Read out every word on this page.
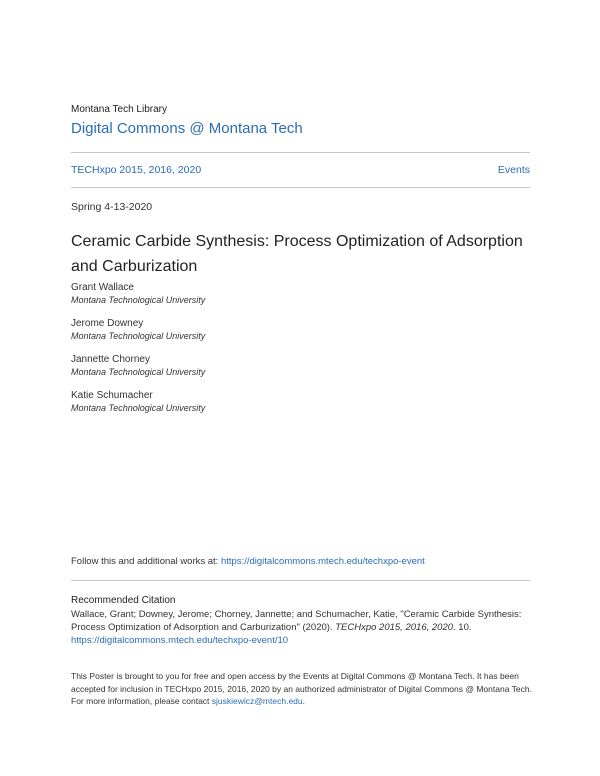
Montana Tech Library
Digital Commons @ Montana Tech
TECHxpo 2015, 2016, 2020	Events
Spring 4-13-2020
Ceramic Carbide Synthesis: Process Optimization of Adsorption and Carburization
Grant Wallace
Montana Technological University
Jerome Downey
Montana Technological University
Jannette Chorney
Montana Technological University
Katie Schumacher
Montana Technological University
Follow this and additional works at: https://digitalcommons.mtech.edu/techxpo-event
Recommended Citation
Wallace, Grant; Downey, Jerome; Chorney, Jannette; and Schumacher, Katie, "Ceramic Carbide Synthesis: Process Optimization of Adsorption and Carburization" (2020). TECHxpo 2015, 2016, 2020. 10.
https://digitalcommons.mtech.edu/techxpo-event/10
This Poster is brought to you for free and open access by the Events at Digital Commons @ Montana Tech. It has been accepted for inclusion in TECHxpo 2015, 2016, 2020 by an authorized administrator of Digital Commons @ Montana Tech. For more information, please contact sjuskiewicz@mtech.edu.
